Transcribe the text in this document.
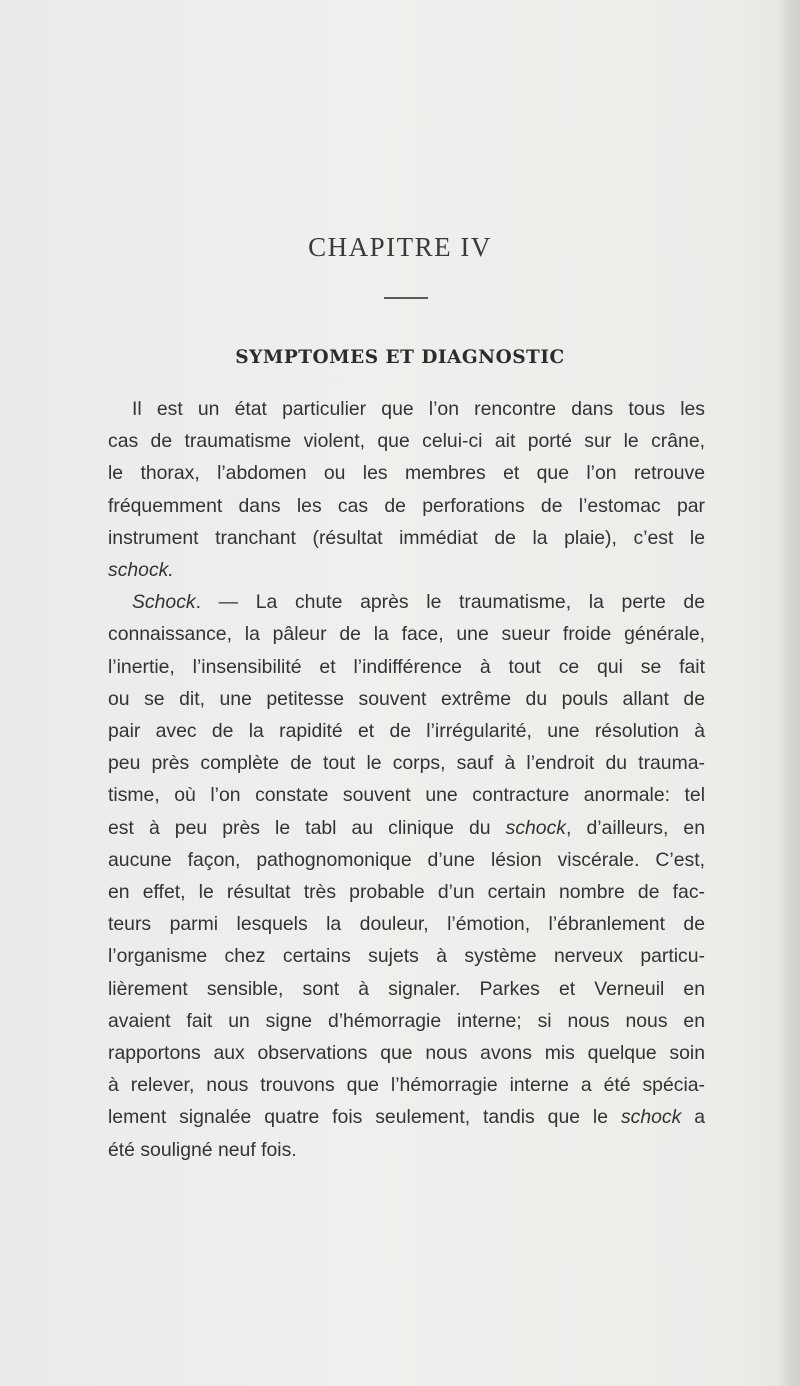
CHAPITRE IV
SYMPTOMES ET DIAGNOSTIC
Il est un état particulier que l’on rencontre dans tous les
cas de traumatisme violent, que celui-ci ait porté sur le crâne,
le thorax, l’abdomen ou les membres et que l’on retrouve
fréquemment dans les cas de perforations de l’estomac par
instrument tranchant (résultat immédiat de la plaie), c’est le
schock.
Schock. — La chute après le traumatisme, la perte de
connaissance, la pâleur de la face, une sueur froide générale,
l’inertie, l’insensibilité et l’indifférence à tout ce qui se fait
ou se dit, une petitesse souvent extrême du pouls allant de
pair avec de la rapidité et de l’irrégularité, une résolution à
peu près complète de tout le corps, sauf à l’endroit du trauma-
tisme, où l’on constate souvent une contracture anormale: tel
est à peu près le tabl au clinique du schock, d’ailleurs, en
aucune façon, pathognomonique d’une lésion viscérale. C’est,
en effet, le résultat très probable d’un certain nombre de fac-
teurs parmi lesquels la douleur, l’émotion, l’ébranlement de
l’organisme chez certains sujets à système nerveux particu-
lièrement sensible, sont à signaler. Parkes et Verneuil en
avaient fait un signe d’hémorragie interne; si nous nous en
rapportons aux observations que nous avons mis quelque soin
à relever, nous trouvons que l’hémorragie interne a été spécia-
lement signalée quatre fois seulement, tandis que le schock a
été souligné neuf fois.
